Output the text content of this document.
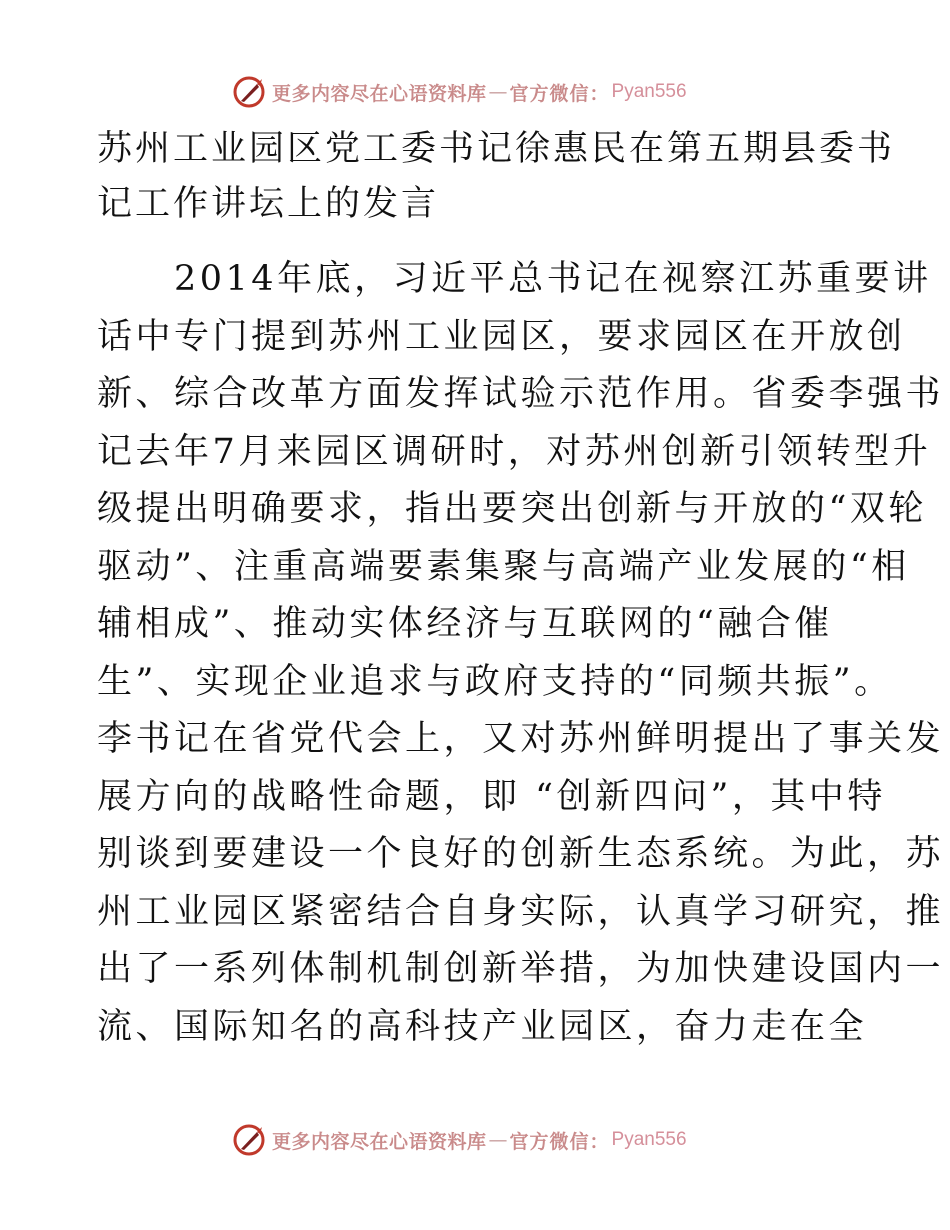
更多内容尽在心语资料库 — 官方微信： Pyan556
苏州工业园区党工委书记徐惠民在第五期县委书
记工作讲坛上的发言
　　2014年底，习近平总书记在视察江苏重要讲
话中专门提到苏州工业园区，要求园区在开放创
新、综合改革方面发挥试验示范作用。省委李强书
记去年7月来园区调研时，对苏州创新引领转型升
级提出明确要求，指出要突出创新与开放的“双轮
驱动”、注重高端要素集聚与高端产业发展的“相
辅相成”、推动实体经济与互联网的“融合催
生”、实现企业追求与政府支持的“同频共振”。
李书记在省党代会上，又对苏州鲜明提出了事关发
展方向的战略性命题，即 “创新四问”，其中特
别谈到要建设一个良好的创新生态系统。为此，苏
州工业园区紧密结合自身实际，认真学习研究，推
出了一系列体制机制创新举措，为加快建设国内一
流、国际知名的高科技产业园区，奋力走在全
更多内容尽在心语资料库 — 官方微信： Pyan556
